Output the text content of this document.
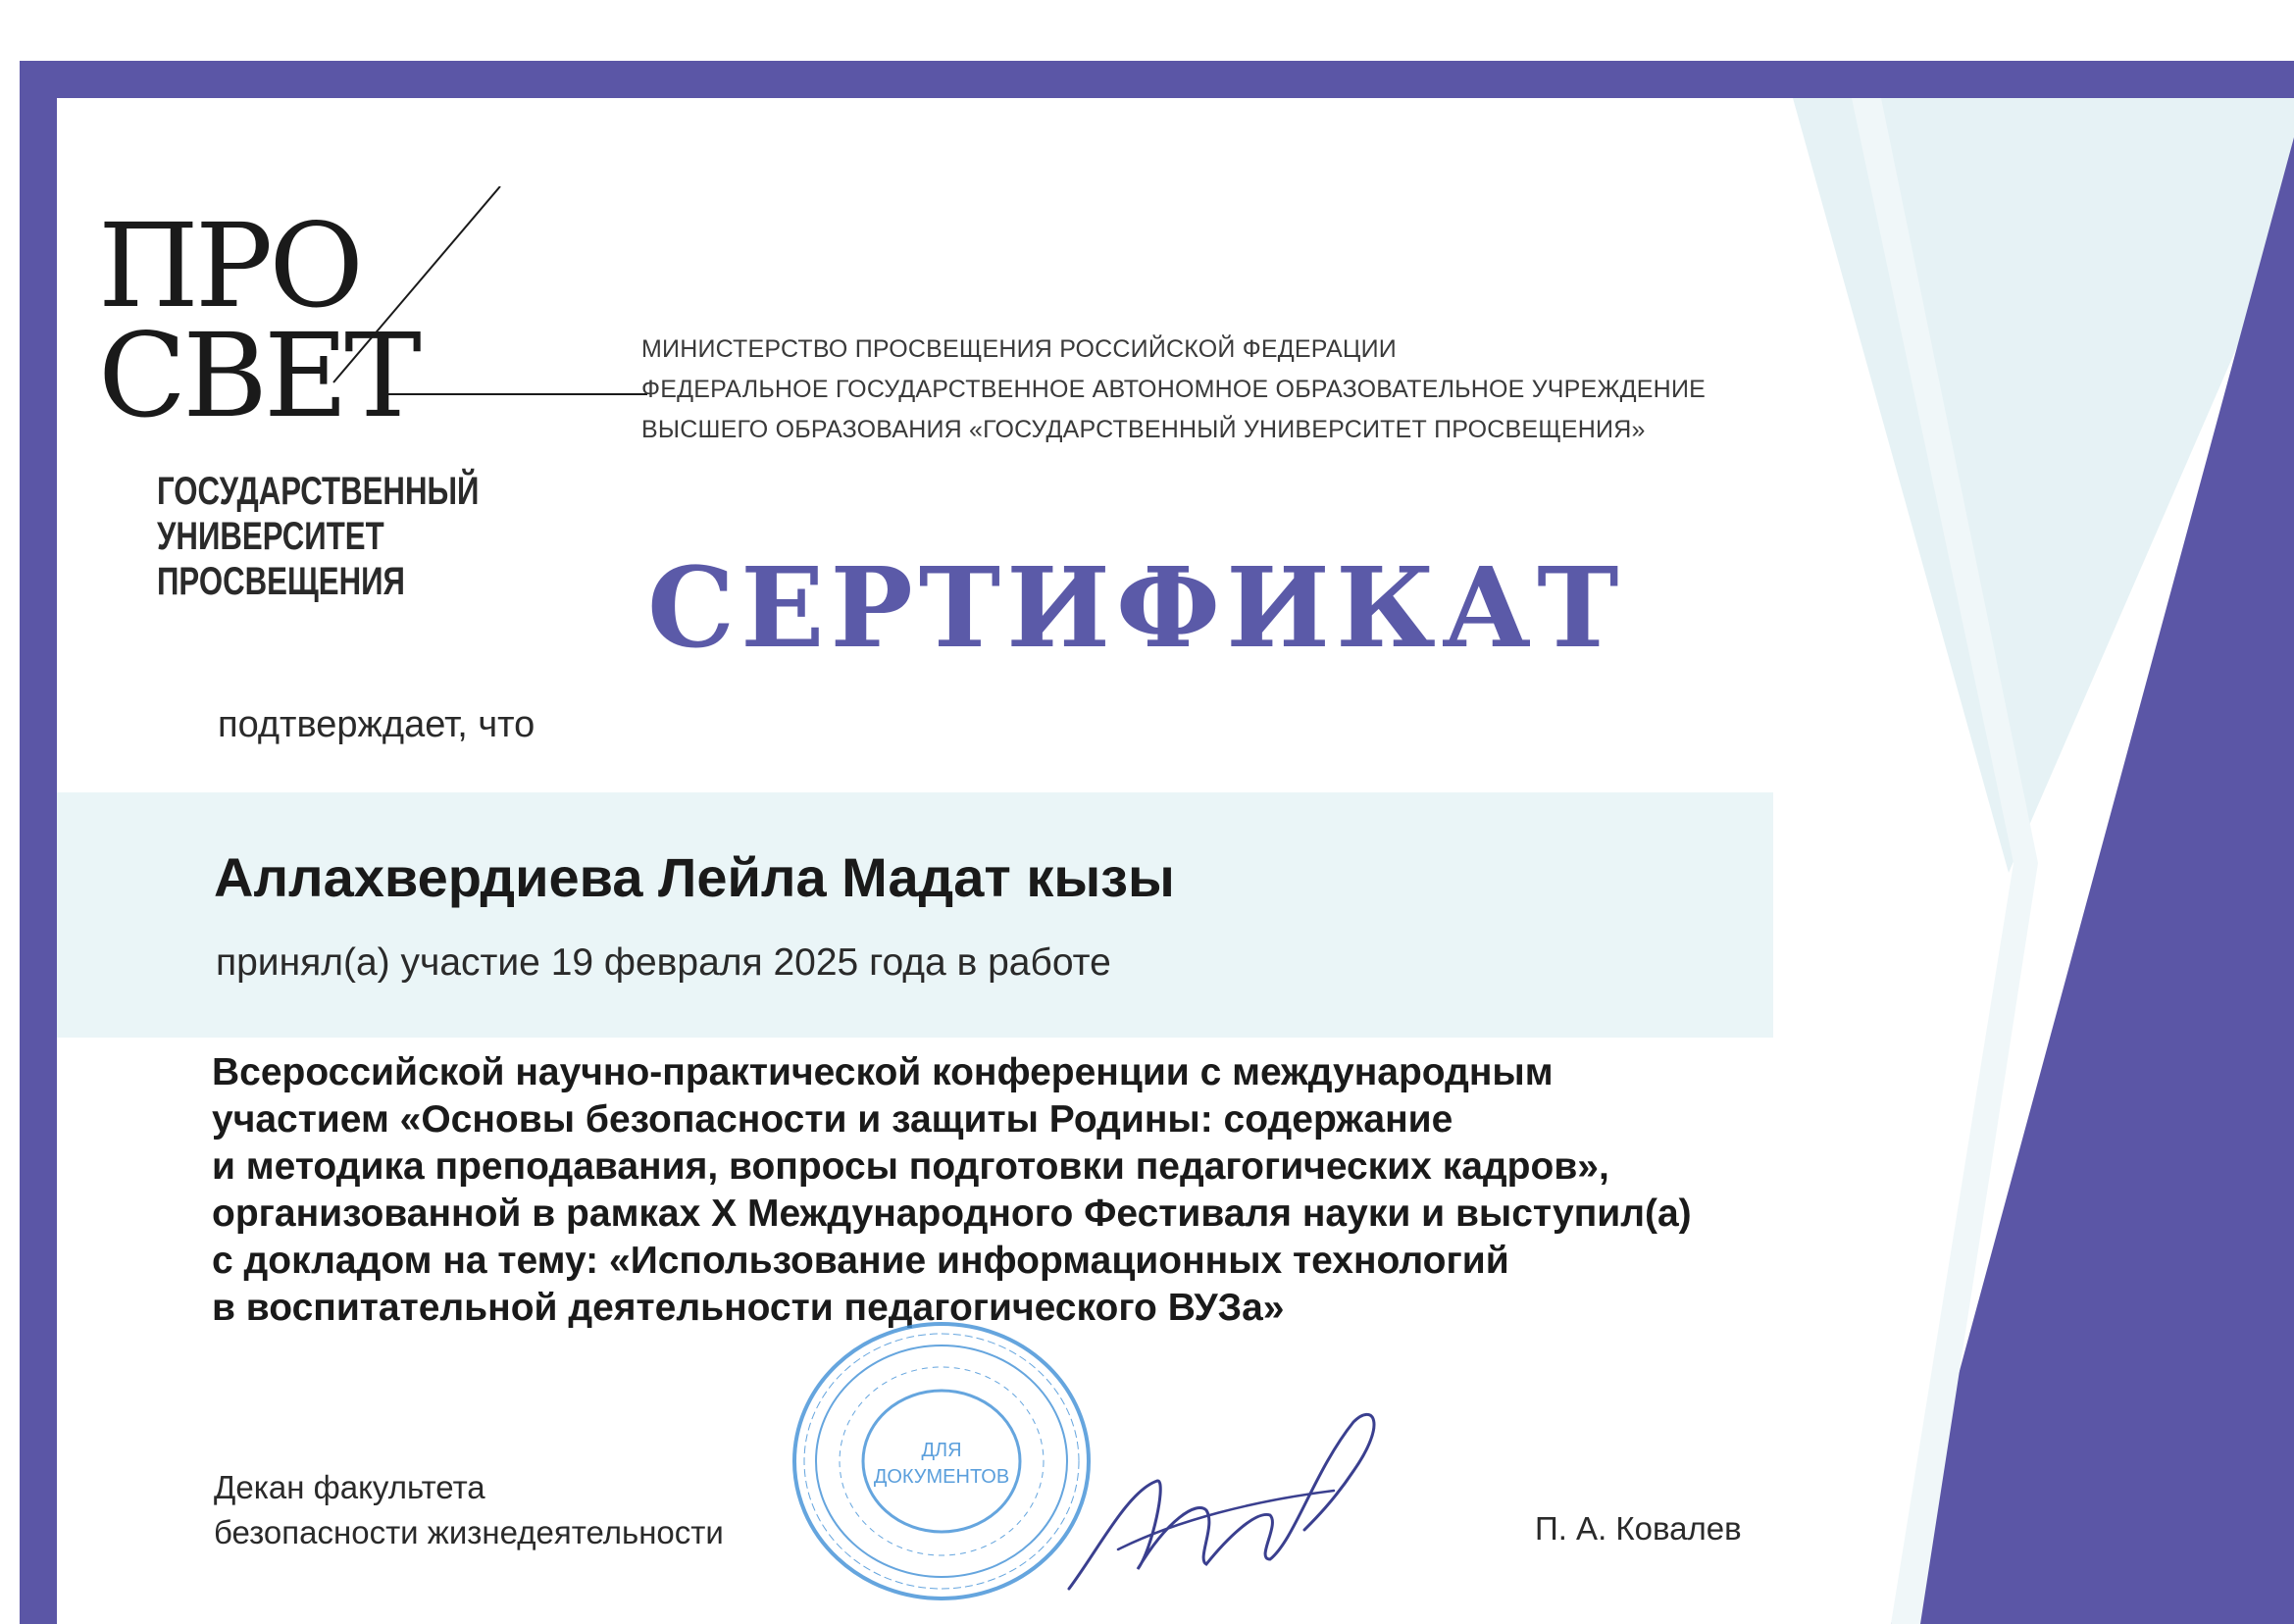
ПРО
СВЕТ
ГОСУДАРСТВЕННЫЙ
УНИВЕРСИТЕТ
ПРОСВЕЩЕНИЯ
МИНИСТЕРСТВО ПРОСВЕЩЕНИЯ РОССИЙСКОЙ ФЕДЕРАЦИИ
ФЕДЕРАЛЬНОЕ ГОСУДАРСТВЕННОЕ АВТОНОМНОЕ ОБРАЗОВАТЕЛЬНОЕ УЧРЕЖДЕНИЕ
ВЫСШЕГО ОБРАЗОВАНИЯ «ГОСУДАРСТВЕННЫЙ УНИВЕРСИТЕТ ПРОСВЕЩЕНИЯ»
СЕРТИФИКАТ
подтверждает, что
Аллахвердиева Лейла Мадат кызы
принял(а) участие 19 февраля 2025 года в работе
Всероссийской научно-практической конференции с международным
участием «Основы безопасности и защиты Родины: содержание
и методика преподавания, вопросы подготовки педагогических кадров»,
организованной в рамках X Международного Фестиваля науки и выступил(а)
с докладом на тему: «Использование информационных технологий
в воспитательной деятельности педагогического ВУЗа»
ДЛЯ
ДОКУМЕНТОВ
Декан факультета
безопасности жизнедеятельности	П. А. Ковалев
